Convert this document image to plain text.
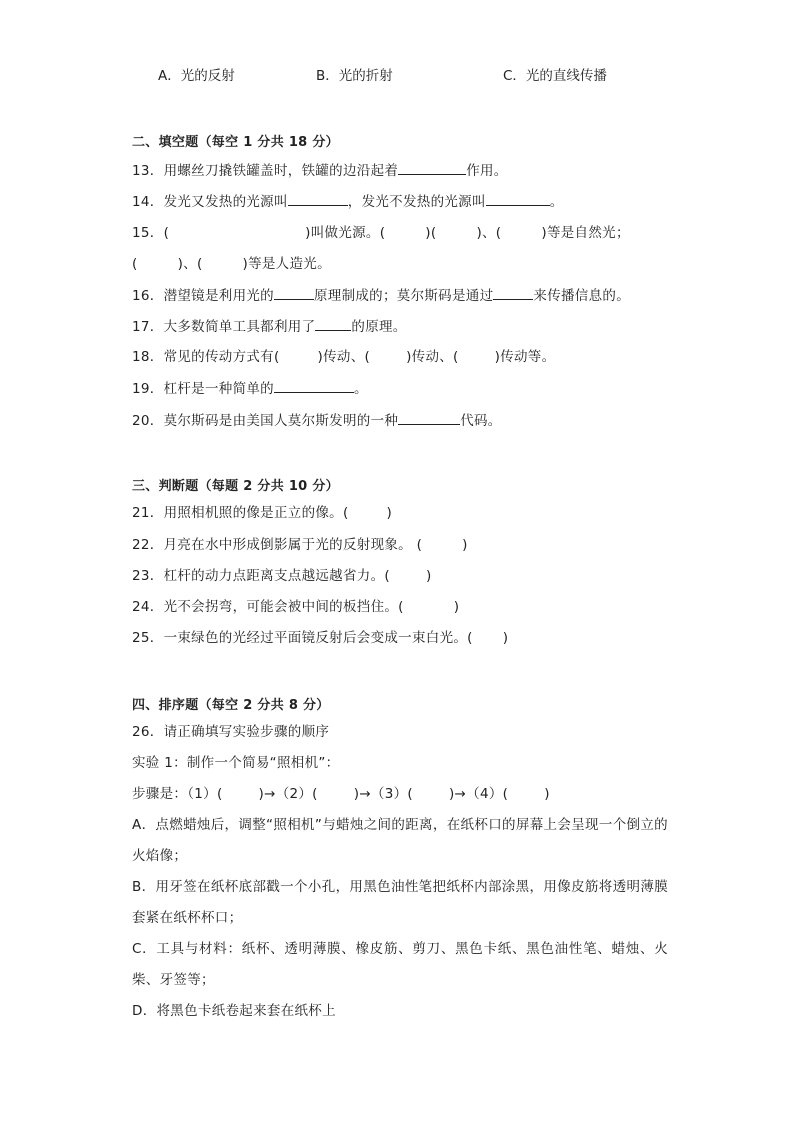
A．光的反射	B．光的折射	C．光的直线传播
二、填空题（每空 1 分共 18 分）
13．用螺丝刀撬铁罐盖时，铁罐的边沿起着	作用。
14．发光又发热的光源叫	，发光不发热的光源叫	。
15．(	)叫做光源。(	)(	)、(	)等是自然光；
(	)、(	)等是人造光。
16．潜望镜是利用光的	原理制成的；莫尔斯码是通过	来传播信息的。
17．大多数简单工具都利用了	的原理。
18．常见的传动方式有(	)传动、(	)传动、(	)传动等。
19．杠杆是一种简单的	。
20．莫尔斯码是由美国人莫尔斯发明的一种	代码。
三、判断题（每题 2 分共 10 分）
21．用照相机照的像是正立的像。(	)
22．月亮在水中形成倒影属于光的反射现象。 (	)
23．杠杆的动力点距离支点越远越省力。(	)
24．光不会拐弯，可能会被中间的板挡住。(	)
25．一束绿色的光经过平面镜反射后会变成一束白光。( )
四、排序题（每空 2 分共 8 分）
26．请正确填写实验步骤的顺序
实验 1：制作一个简易“照相机”：
步骤是：（1）(	)→（2）(	)→（3）(	)→（4）(	)
A．点燃蜡烛后，调整“照相机”与蜡烛之间的距离，在纸杯口的屏幕上会呈现一个倒立的火焰像；
B．用牙签在纸杯底部戳一个小孔，用黑色油性笔把纸杯内部涂黑，用像皮筋将透明薄膜套紧在纸杯杯口；
C．工具与材料：纸杯、透明薄膜、橡皮筋、剪刀、黑色卡纸、黑色油性笔、蜡烛、火柴、牙签等；
D．将黑色卡纸卷起来套在纸杯上
